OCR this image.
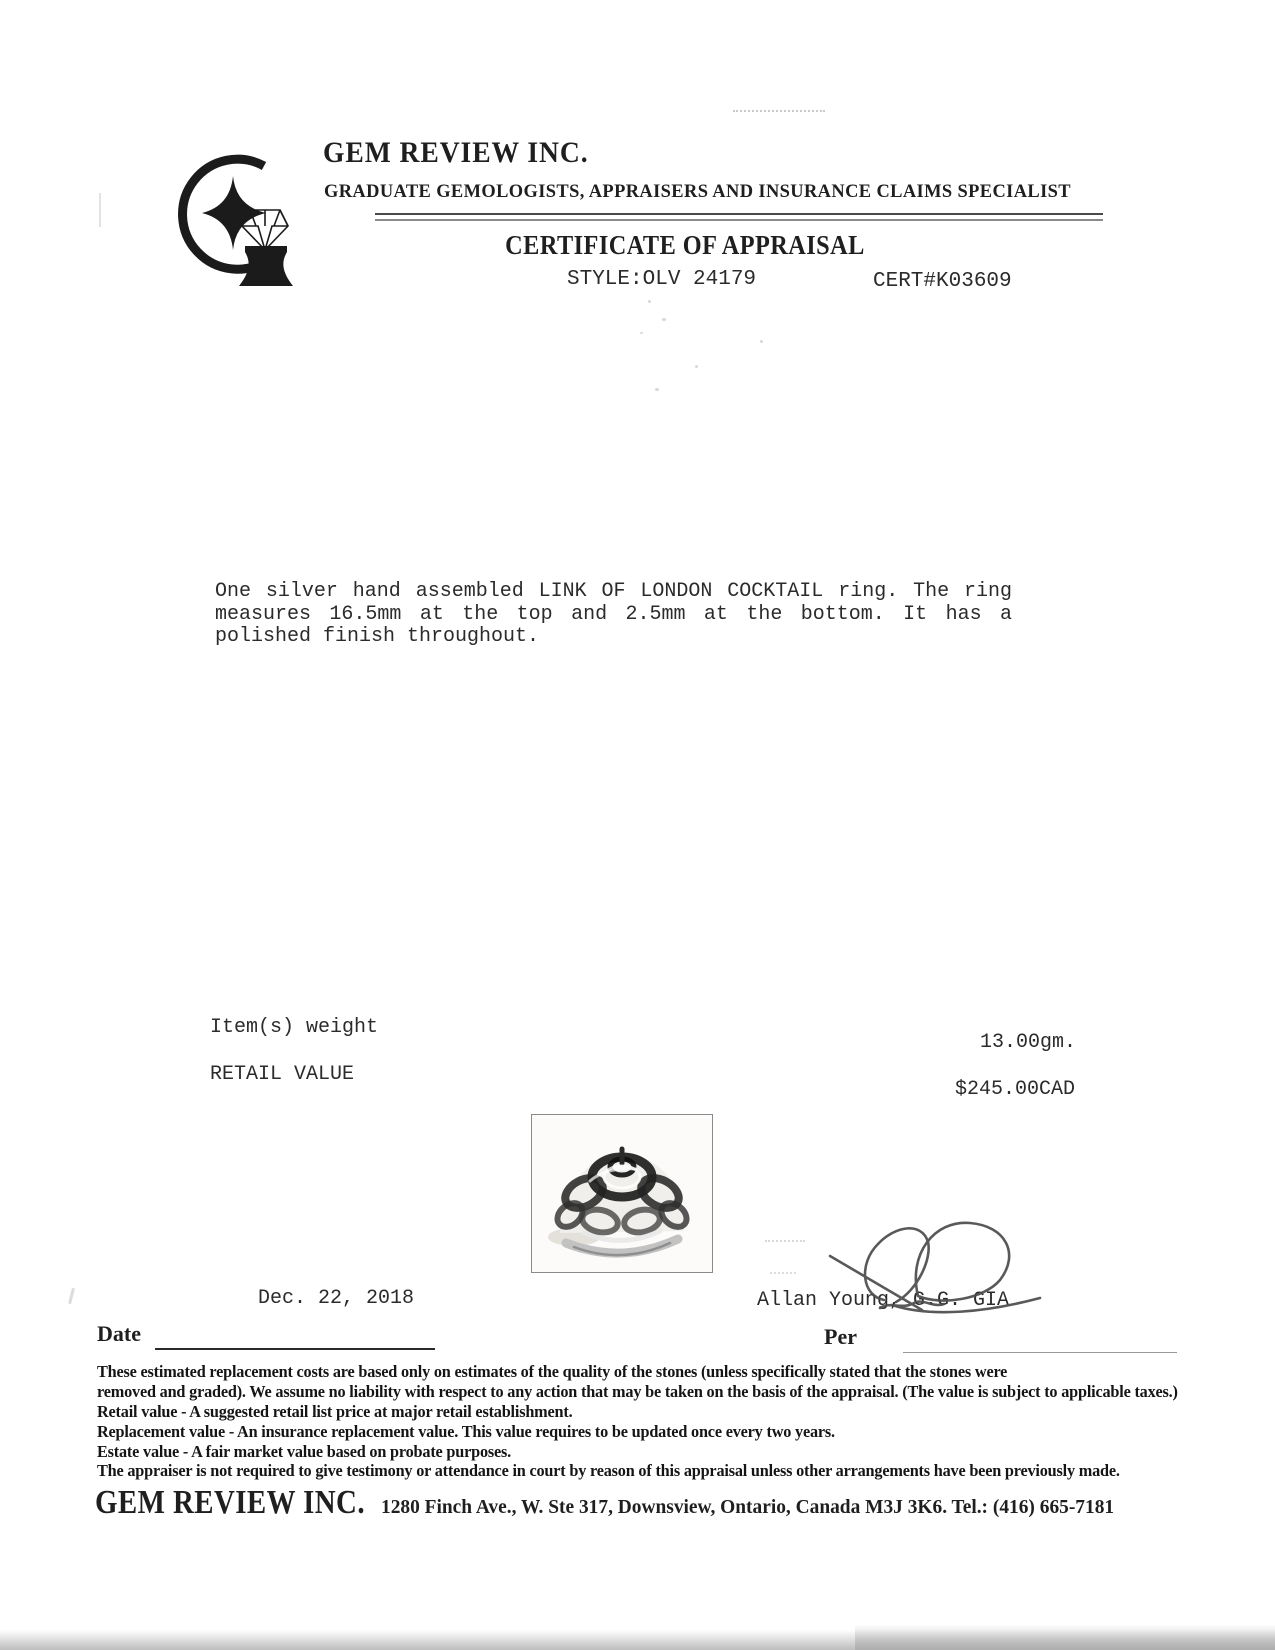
GEM REVIEW INC.
GRADUATE GEMOLOGISTS, APPRAISERS AND INSURANCE CLAIMS SPECIALIST
CERTIFICATE OF APPRAISAL
STYLE:OLV 24179	CERT#K03609
One silver hand assembled LINK OF LONDON COCKTAIL ring. The ring
measures 16.5mm at the top and 2.5mm at the bottom. It has a
polished finish throughout.
Item(s) weight
13.00gm.
RETAIL VALUE
$245.00CAD
Dec. 22, 2018	Allan Young, G.G. GIA
Date	Per
These estimated replacement costs are based only on estimates of the quality of the stones (unless specifically stated that the stones were
removed and graded). We assume no liability with respect to any action that may be taken on the basis of the appraisal. (The value is subject to applicable taxes.)
Retail value - A suggested retail list price at major retail establishment.
Replacement value - An insurance replacement value. This value requires to be updated once every two years.
Estate value - A fair market value based on probate purposes.
The appraiser is not required to give testimony or attendance in court by reason of this appraisal unless other arrangements have been previously made.
GEM REVIEW INC. 1280 Finch Ave., W. Ste 317, Downsview, Ontario, Canada M3J 3K6. Tel.: (416) 665-7181
